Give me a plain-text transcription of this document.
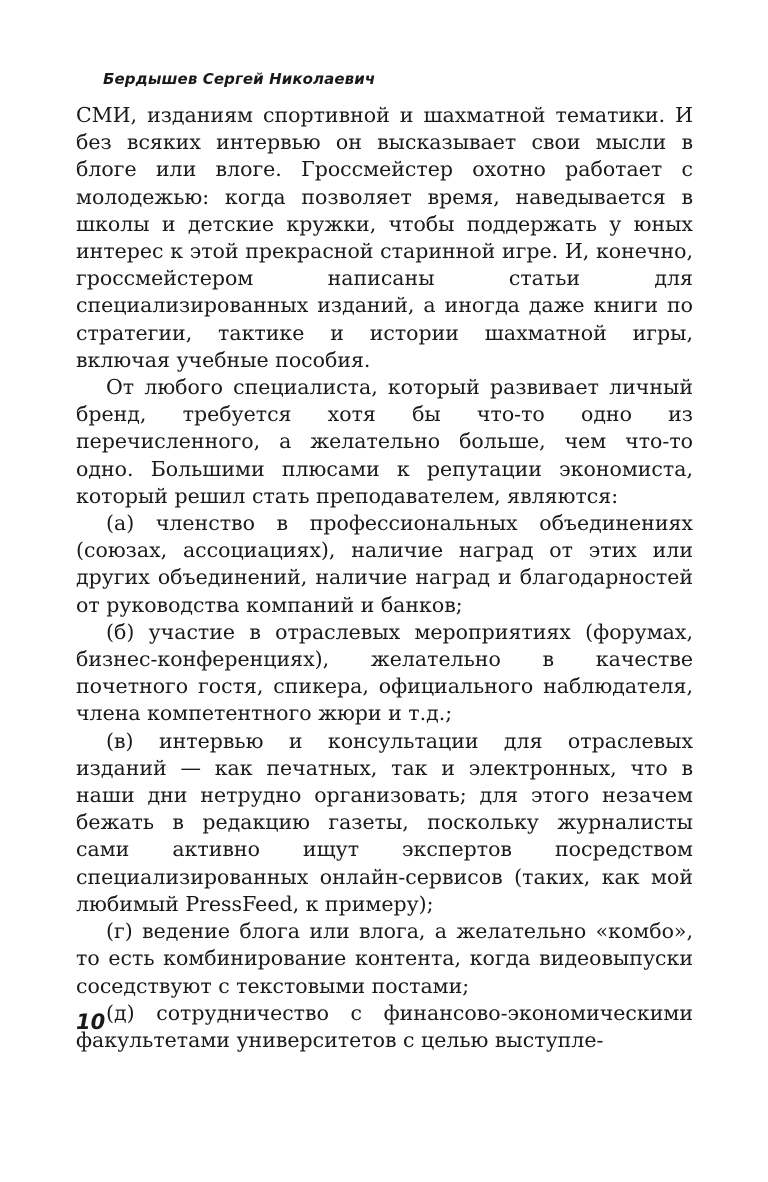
Бердышев Сергей Николаевич

СМИ, изданиям спортивной и шахматной тематики. И без всяких интервью он высказывает свои мысли в блоге или влоге. Гроссмейстер охотно работает с молодежью: когда позволяет время, наведывается в школы и детские кружки, чтобы поддержать у юных интерес к этой прекрасной старинной игре. И, конечно, гроссмейстером написаны статьи для специализированных изданий, а иногда даже книги по стратегии, тактике и истории шахматной игры, включая учебные пособия.

От любого специалиста, который развивает личный бренд, требуется хотя бы что-то одно из перечисленного, а желательно больше, чем что-то одно. Большими плюсами к репутации экономиста, который решил стать преподавателем, являются:

(а) членство в профессиональных объединениях (союзах, ассоциациях), наличие наград от этих или других объединений, наличие наград и благодарностей от руководства компаний и банков;

(б) участие в отраслевых мероприятиях (форумах, бизнес-конференциях), желательно в качестве почетного гостя, спикера, официального наблюдателя, члена компетентного жюри и т.д.;

(в) интервью и консультации для отраслевых изданий — как печатных, так и электронных, что в наши дни нетрудно организовать; для этого незачем бежать в редакцию газеты, поскольку журналисты сами активно ищут экспертов посредством специализированных онлайн-сервисов (таких, как мой любимый PressFeed, к примеру);

(г) ведение блога или влога, а желательно «комбо», то есть комбинирование контента, когда видеовыпуски соседствуют с текстовыми постами;

(д) сотрудничество с финансово-экономическими факультетами университетов с целью выступле-

10
